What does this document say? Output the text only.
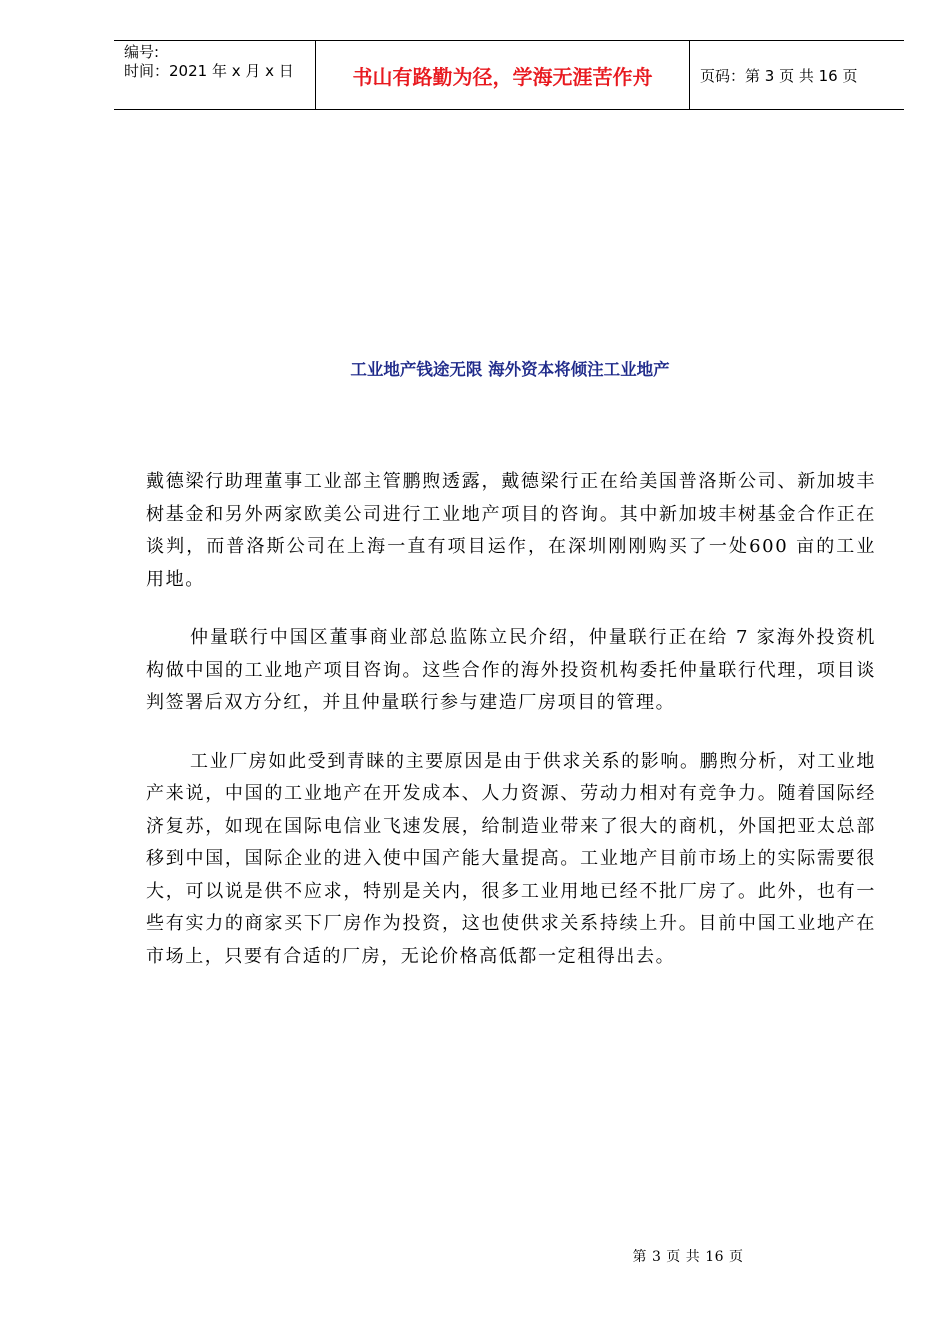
编号:
时间：2021 年 x 月 x 日	书山有路勤为径，学海无涯苦作舟	页码：第 3 页 共 16 页
工业地产钱途无限 海外资本将倾注工业地产

戴德梁行助理董事工业部主管鹏煦透露，戴德梁行正在给美国普洛斯公司、新加坡丰树基金和另外两家欧美公司进行工业地产项目的咨询。其中新加坡丰树基金合作正在谈判，而普洛斯公司在上海一直有项目运作，在深圳刚刚购买了一处600 亩的工业用地。

仲量联行中国区董事商业部总监陈立民介绍，仲量联行正在给 7 家海外投资机构做中国的工业地产项目咨询。这些合作的海外投资机构委托仲量联行代理，项目谈判签署后双方分红，并且仲量联行参与建造厂房项目的管理。

工业厂房如此受到青睐的主要原因是由于供求关系的影响。鹏煦分析，对工业地产来说，中国的工业地产在开发成本、人力资源、劳动力相对有竞争力。随着国际经济复苏，如现在国际电信业飞速发展，给制造业带来了很大的商机，外国把亚太总部移到中国，国际企业的进入使中国产能大量提高。工业地产目前市场上的实际需要很大，可以说是供不应求，特别是关内，很多工业用地已经不批厂房了。此外，也有一些有实力的商家买下厂房作为投资，这也使供求关系持续上升。目前中国工业地产在市场上，只要有合适的厂房，无论价格高低都一定租得出去。

第 3 页 共 16 页
